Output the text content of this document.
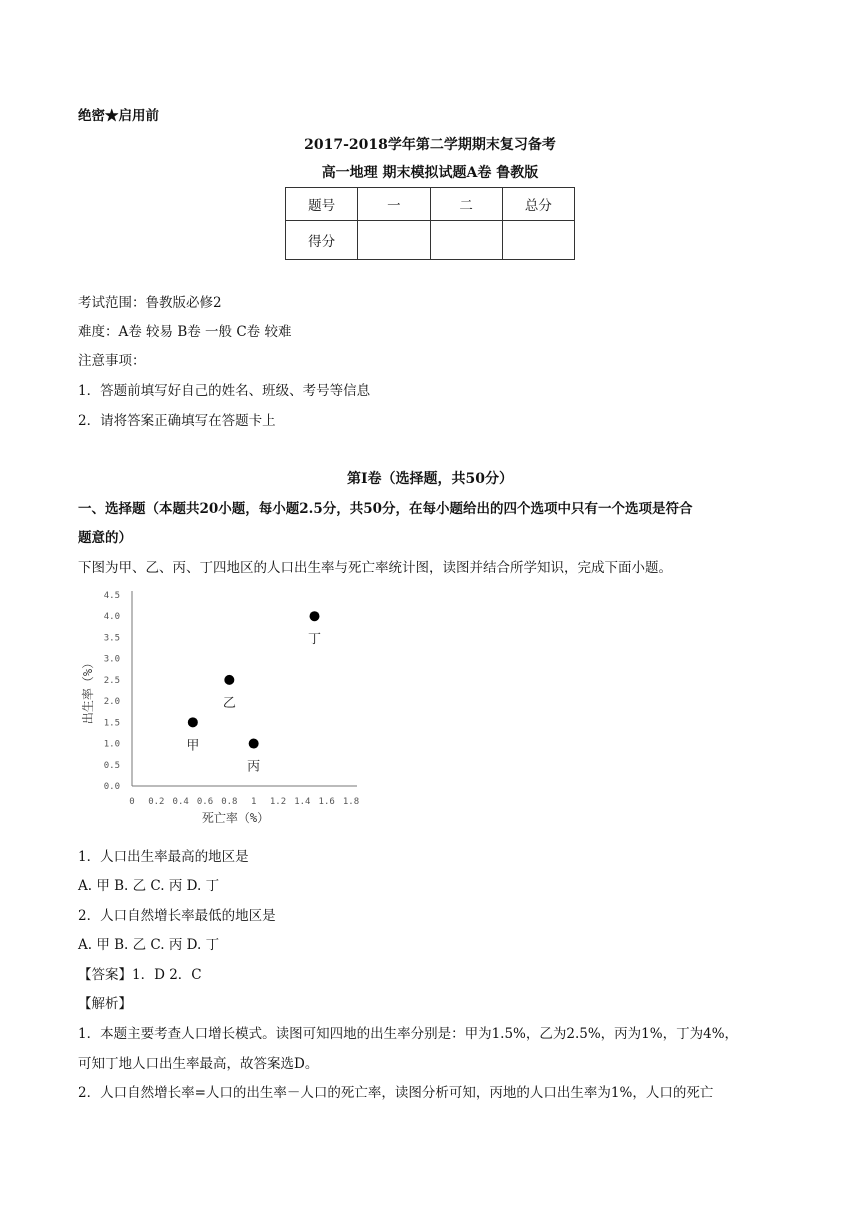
绝密★启用前
2017-2018学年第二学期期末复习备考
高一地理 期末模拟试题A卷 鲁教版
题号	一	二	总分
得分			
考试范围：鲁教版必修2
难度：A卷 较易 B卷 一般 C卷 较难
注意事项：
1．答题前填写好自己的姓名、班级、考号等信息
2．请将答案正确填写在答题卡上
第I卷（选择题，共50分）
一、选择题（本题共20小题，每小题2.5分，共50分，在每小题给出的四个选项中只有一个选项是符合
题意的）
下图为甲、乙、丙、丁四地区的人口出生率与死亡率统计图，读图并结合所学知识，完成下面小题。
0.0
0.5
1.0
1.5
2.0
2.5
3.0
3.5
4.0
4.5
0 0.2 0.4 0.6 0.8 1 1.2 1.4 1.6 1.8
甲
乙
丙
丁
死亡率（%）
出生率（%）
1．人口出生率最高的地区是
A. 甲 B. 乙 C. 丙 D. 丁
2．人口自然增长率最低的地区是
A. 甲 B. 乙 C. 丙 D. 丁
【答案】1．D 2．C
【解析】
1．本题主要考查人口增长模式。读图可知四地的出生率分别是：甲为1.5%，乙为2.5%，丙为1%，丁为4%，
可知丁地人口出生率最高，故答案选D。
2．人口自然增长率=人口的出生率－人口的死亡率，读图分析可知，丙地的人口出生率为1%，人口的死亡
